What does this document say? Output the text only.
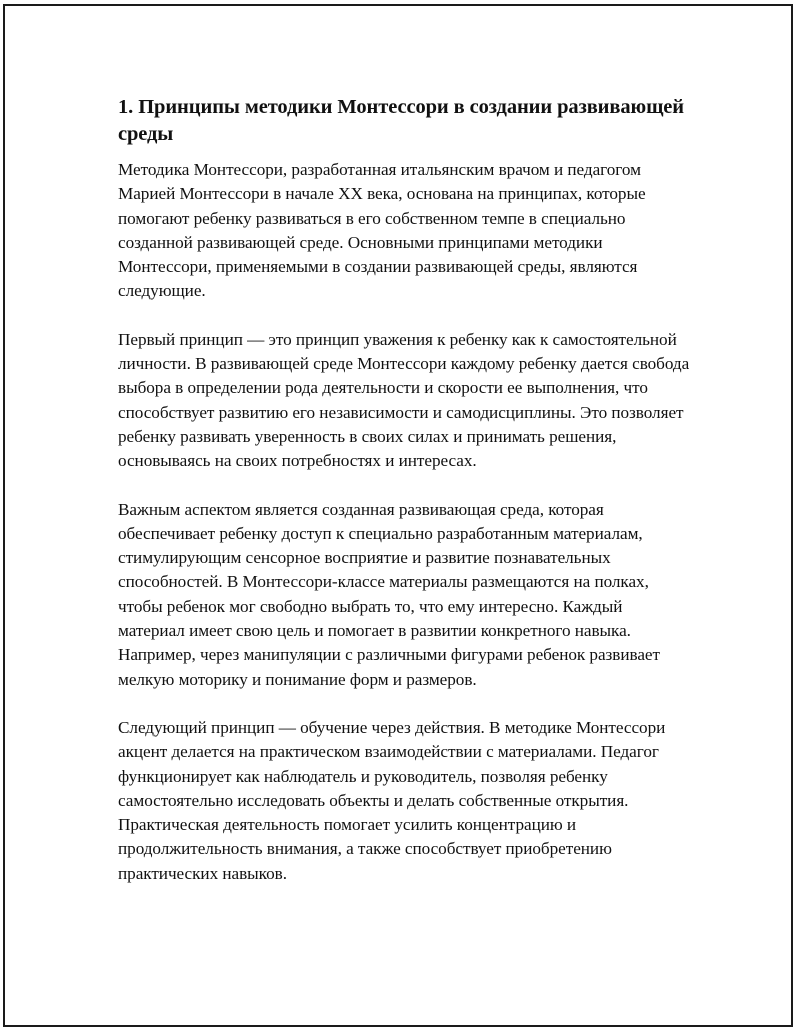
1. Принципы методики Монтессори в создании развивающей среды

Методика Монтессори, разработанная итальянским врачом и педагогом Марией Монтессори в начале XX века, основана на принципах, которые помогают ребенку развиваться в его собственном темпе в специально созданной развивающей среде. Основными принципами методики Монтессори, применяемыми в создании развивающей среды, являются следующие.

Первый принцип — это принцип уважения к ребенку как к самостоятельной личности. В развивающей среде Монтессори каждому ребенку дается свобода выбора в определении рода деятельности и скорости ее выполнения, что способствует развитию его независимости и самодисциплины. Это позволяет ребенку развивать уверенность в своих силах и принимать решения, основываясь на своих потребностях и интересах.

Важным аспектом является созданная развивающая среда, которая обеспечивает ребенку доступ к специально разработанным материалам, стимулирующим сенсорное восприятие и развитие познавательных способностей. В Монтессори-классе материалы размещаются на полках, чтобы ребенок мог свободно выбрать то, что ему интересно. Каждый материал имеет свою цель и помогает в развитии конкретного навыка. Например, через манипуляции с различными фигурами ребенок развивает мелкую моторику и понимание форм и размеров.

Следующий принцип — обучение через действия. В методике Монтессори акцент делается на практическом взаимодействии с материалами. Педагог функционирует как наблюдатель и руководитель, позволяя ребенку самостоятельно исследовать объекты и делать собственные открытия. Практическая деятельность помогает усилить концентрацию и продолжительность внимания, а также способствует приобретению практических навыков.
